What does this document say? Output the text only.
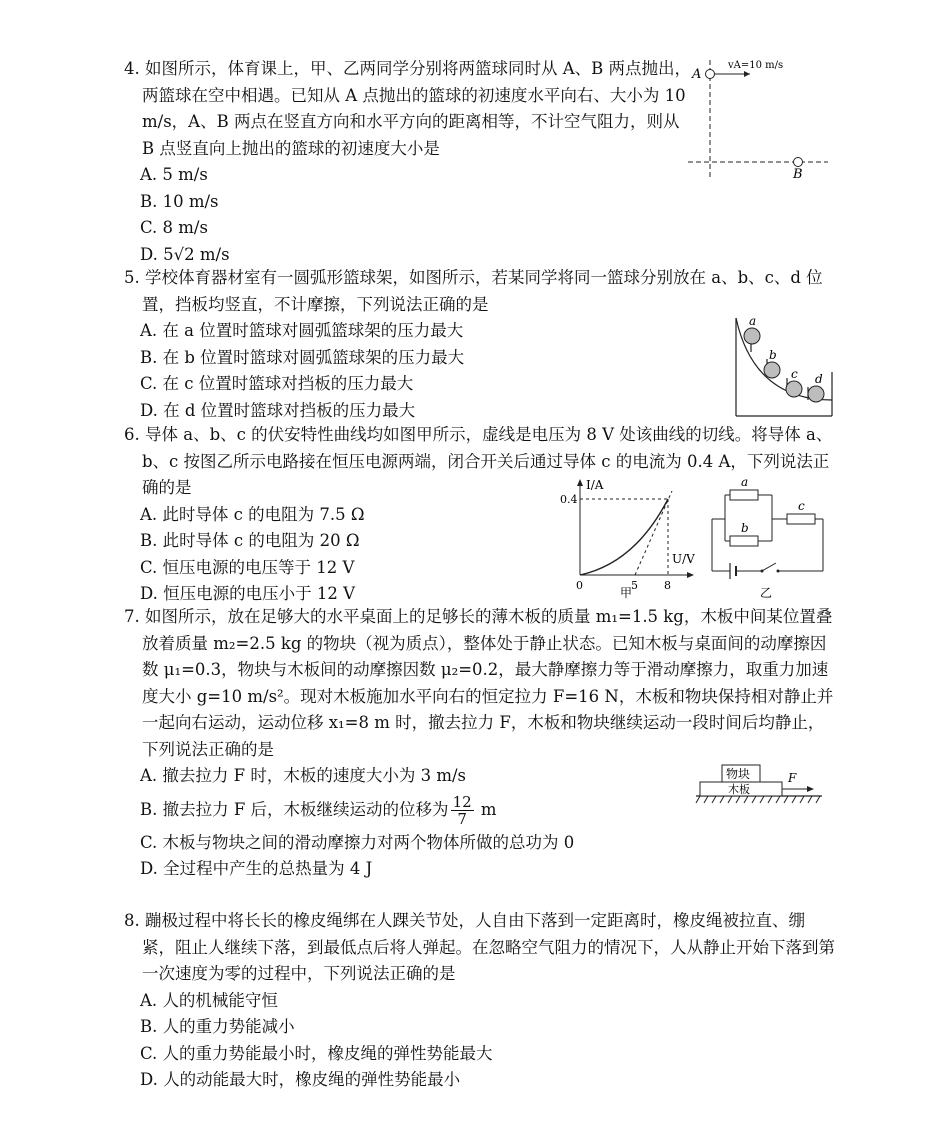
4. 如图所示，体育课上，甲、乙两同学分别将两篮球同时从 A、B 两点抛出，两篮球在空中相遇。已知从 A 点抛出的篮球的初速度水平向右、大小为 10 m/s，A、B 两点在竖直方向和水平方向的距离相等，不计空气阻力，则从 B 点竖直向上抛出的篮球的初速度大小是

A. 5 m/s

B. 10 m/s

C. 8 m/s

D. 5√2 m/s

A
B
vA=10 m/s

5. 学校体育器材室有一圆弧形篮球架，如图所示，若某同学将同一篮球分别放在 a、b、c、d 位置，挡板均竖直，不计摩擦，下列说法正确的是

A. 在 a 位置时篮球对圆弧篮球架的压力最大

B. 在 b 位置时篮球对圆弧篮球架的压力最大

C. 在 c 位置时篮球对挡板的压力最大

D. 在 d 位置时篮球对挡板的压力最大

a
b
c d

6. 导体 a、b、c 的伏安特性曲线均如图甲所示，虚线是电压为 8 V 处该曲线的切线。将导体 a、b、c 按图乙所示电路接在恒压电源两端，闭合开关后通过导体 c 的电流为 0.4 A，下列说法正确的是

A. 此时导体 c 的电阻为 7.5 Ω

B. 此时导体 c 的电阻为 20 Ω

C. 恒压电源的电压等于 12 V

D. 恒压电源的电压小于 12 V

I/A
U/V
0.4
0	5 8
甲
a
b
c
乙

7. 如图所示，放在足够大的水平桌面上的足够长的薄木板的质量 m₁=1.5 kg，木板中间某位置叠放着质量 m₂=2.5 kg 的物块（视为质点），整体处于静止状态。已知木板与桌面间的动摩擦因数 μ₁=0.3，物块与木板间的动摩擦因数 μ₂=0.2，最大静摩擦力等于滑动摩擦力，取重力加速度大小 g=10 m/s²。现对木板施加水平向右的恒定拉力 F=16 N，木板和物块保持相对静止并一起向右运动，运动位移 x₁=8 m 时，撤去拉力 F，木板和物块继续运动一段时间后均静止，下列说法正确的是

A. 撤去拉力 F 时，木板的速度大小为 3 m/s

B. 撤去拉力 F 后，木板继续运动的位移为 $\frac{12}{7}$ m

C. 木板与物块之间的滑动摩擦力对两个物体所做的总功为 0

D. 全过程中产生的总热量为 4 J

物块
木板
F

8. 蹦极过程中将长长的橡皮绳绑在人踝关节处，人自由下落到一定距离时，橡皮绳被拉直、绷紧，阻止人继续下落，到最低点后将人弹起。在忽略空气阻力的情况下，人从静止开始下落到第一次速度为零的过程中，下列说法正确的是

A. 人的机械能守恒

B. 人的重力势能减小

C. 人的重力势能最小时，橡皮绳的弹性势能最大

D. 人的动能最大时，橡皮绳的弹性势能最小
